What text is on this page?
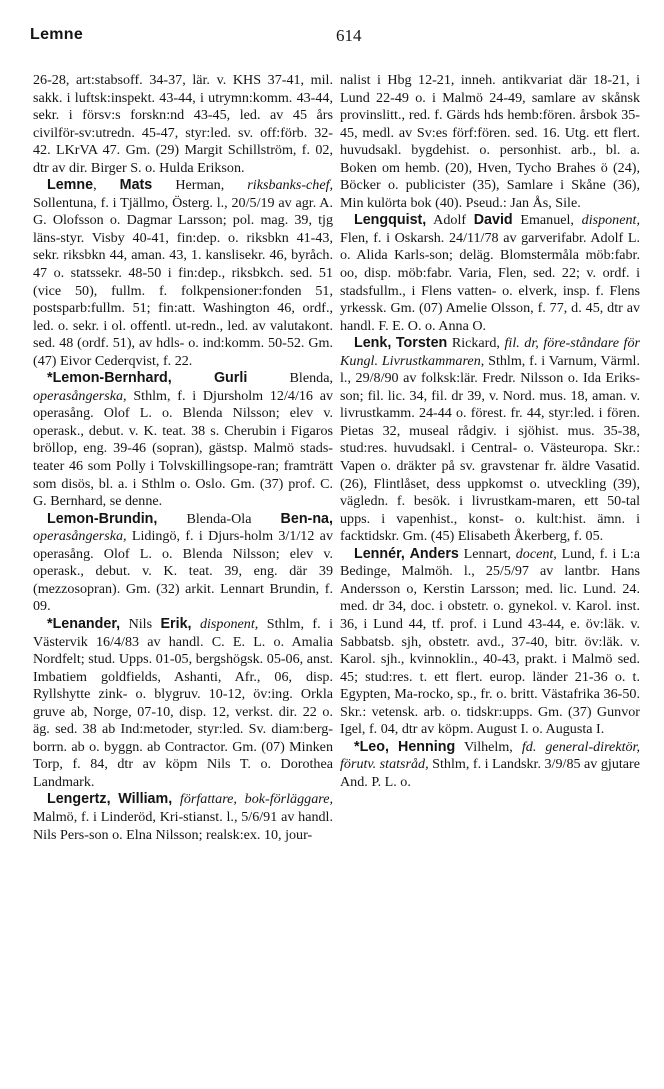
Lemne	614

26-28, art:stabsoff. 34-37, lär. v. KHS 37-41, mil. sakk. i luftsk:inspekt. 43-44, i utrymn:komm. 43-44, sekr. i försv:s forskn:nd 43-45, led. av 45 års civilför-sv:utredn. 45-47, styr:led. sv. off:förb. 32-42. LKrVA 47. Gm. (29) Margit Schillström, f. 02, dtr av dir. Birger S. o. Hulda Erikson.

Lemne, Mats Herman, riksbanks-chef, Sollentuna, f. i Tjällmo, Österg. l., 20/5/19 av agr. A. G. Olofsson o. Dagmar Larsson; pol. mag. 39, tjg läns-styr. Visby 40-41, fin:dep. o. riksbkn 41-43, sekr. riksbkn 44, aman. 43, 1. kanslisekr. 46, byråch. 47 o. statssekr. 48-50 i fin:dep., riksbkch. sed. 51 (vice 50), fullm. f. folkpensioner:fonden 51, postsparb:fullm. 51; fin:att. Washington 46, ordf., led. o. sekr. i ol. offentl. ut-redn., led. av valutakont. sed. 48 (ordf. 51), av hdls- o. ind:komm. 50-52. Gm. (47) Eivor Cederqvist, f. 22.

*Lemon-Bernhard,	Gurli	Blenda, operasångerska, Sthlm, f. i Djursholm 12/4/16 av operasång. Olof L. o. Blenda Nilsson; elev v. operask., debut. v. K. teat. 38 s. Cherubin i Figaros bröllop, eng. 39-46 (sopran), gästsp. Malmö stads-teater 46 som Polly i Tolvskillingsope-ran; framträtt som disös, bl. a. i Sthlm o. Oslo. Gm. (37) prof. C. G. Bernhard, se denne.

Lemon-Brundin, Blenda-Ola Ben-na, operasångerska, Lidingö, f. i Djurs-holm 3/1/12 av operasång. Olof L. o. Blenda Nilsson; elev v. operask., debut. v. K. teat. 39, eng. där 39 (mezzosopran). Gm. (32) arkit. Lennart Brundin, f. 09.

*Lenander, Nils Erik, disponent, Sthlm, f. i Västervik 16/4/83 av handl. C. E. L. o. Amalia Nordfelt; stud. Upps. 01-05, bergshögsk. 05-06, anst. Imbatiem goldfields, Ashanti, Afr., 06, disp. Ryllshytte zink- o. blygruv. 10-12, öv:ing. Orkla gruve ab, Norge, 07-10, disp. 12, verkst. dir. 22 o. äg. sed. 38 ab Ind:metoder, styr:led. Sv. diam:berg-borrn. ab o. byggn. ab Contractor. Gm. (07) Minken Torp, f. 84, dtr av köpm Nils T. o. Dorothea Landmark.

Lengertz, William, författare, bok-förläggare, Malmö, f. i Linderöd, Kri-stianst. l., 5/6/91 av handl. Nils Pers-son o. Elna Nilsson; realsk:ex. 10, jour-

nalist i Hbg 12-21, inneh. antikvariat där 18-21, i Lund 22-49 o. i Malmö 24-49, samlare av skånsk provinslitt., red. f. Gärds hds hemb:fören. årsbok 35-45, medl. av Sv:es förf:fören. sed. 16. Utg. ett flert. huvudsakl. bygdehist. o. personhist. arb., bl. a. Boken om hemb. (20), Hven, Tycho Brahes ö (24), Böcker o. publicister (35), Samlare i Skåne (36), Min kulörta bok (40). Pseud.: Jan Ås, Sile.

Lengquist, Adolf David Emanuel, disponent, Flen, f. i Oskarsh. 24/11/78 av garverifabr. Adolf L. o. Alida Karls-son; deläg. Blomstermåla möb:fabr. oo, disp. möb:fabr. Varia, Flen, sed. 22; v. ordf. i stadsfullm., i Flens vatten- o. elverk, insp. f. Flens yrkessk. Gm. (07) Amelie Olsson, f. 77, d. 45, dtr av handl. F. E. O. o. Anna O.

Lenk, Torsten Rickard, fil. dr, före-ståndare för Kungl. Livrustkammaren, Sthlm, f. i Varnum, Värml. l., 29/8/90 av folksk:lär. Fredr. Nilsson o. Ida Eriks-son; fil. lic. 34, fil. dr 39, v. Nord. mus. 18, aman. v. livrustkamm. 24-44 o. förest. fr. 44, styr:led. i fören. Pietas 32, museal rådgiv. i sjöhist. mus. 35-38, stud:res. huvudsakl. i Central- o. Västeuropa. Skr.: Vapen o. dräkter på sv. gravstenar fr. äldre Vasatid. (26), Flintlåset, dess uppkomst o. utveckling (39), vägledn. f. besök. i livrustkam-maren, ett 50-tal upps. i vapenhist., konst- o. kult:hist. ämn. i facktidskr. Gm. (45) Elisabeth Åkerberg, f. 05.

Lennér, Anders Lennart, docent, Lund, f. i L:a Bedinge, Malmöh. l., 25/5/97 av lantbr. Hans Andersson o, Kerstin Larsson; med. lic. Lund. 24. med. dr 34, doc. i obstetr. o. gynekol. v. Karol. inst. 36, i Lund 44, tf. prof. i Lund 43-44, e. öv:läk. v. Sabbatsb. sjh, obstetr. avd., 37-40, bitr. öv:läk. v. Karol. sjh., kvinnoklin., 40-43, prakt. i Malmö sed. 45; stud:res. t. ett flert. europ. länder 21-36 o. t. Egypten, Ma-rocko, sp., fr. o. britt. Västafrika 36-50. Skr.: vetensk. arb. o. tidskr:upps. Gm. (37) Gunvor Igel, f. 04, dtr av köpm. August I. o. Augusta I.

*Leo, Henning Vilhelm, fd. general-direktör, förutv. statsråd, Sthlm, f. i Landskr. 3/9/85 av gjutare And. P. L. o.
